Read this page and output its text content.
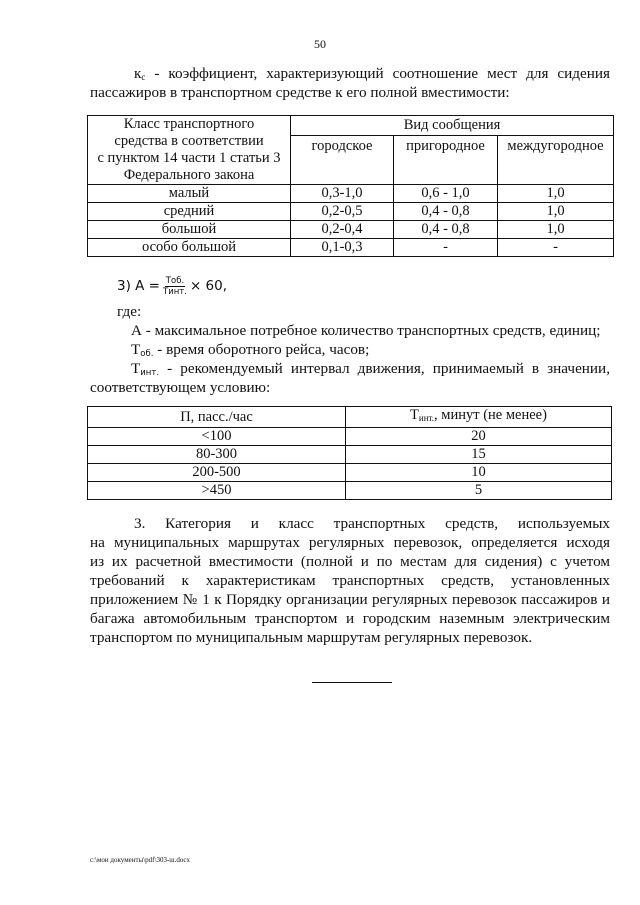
50
$к_с$ - коэффициент, характеризующий соотношение мест для сидения
пассажиров в транспортном средстве к его полной вместимости:
Класс транспортного
средства в соответствии
с пунктом 14 части 1 статьи 3
Федерального закона	Вид сообщения		
	городское	пригородное	междугородное
малый	0,3-1,0	0,6 - 1,0	1,0
средний	0,2-0,5	0,4 - 0,8	1,0
большой	0,2-0,4	0,4 - 0,8	1,0
особо большой	0,1-0,3	-	-
3) $A = \frac{\text{Tоб.}}{\text{Tинт.}} \times 60$,
где:
А - максимальное потребное количество транспортных средств, единиц;
Тоб. - время оборотного рейса, часов;
Тинт. - рекомендуемый интервал движения, принимаемый в значении,
соответствующем условию:
П, пасс./час	$Т_{инт.}$, минут (не менее)
<100	20
80-300	15
200-500	10
>450	5
3. Категория и класс транспортных средств, используемых
на муниципальных маршрутах регулярных перевозок, определяется исходя
из их расчетной вместимости (полной и по местам для сидения) с учетом
требований к характеристикам транспортных средств, установленных
приложением № 1 к Порядку организации регулярных перевозок пассажиров и
багажа автомобильным транспортом и городским наземным электрическим
транспортом по муниципальным маршрутам регулярных перевозок.
c:\мои документы\pdf\303-ш.docx
